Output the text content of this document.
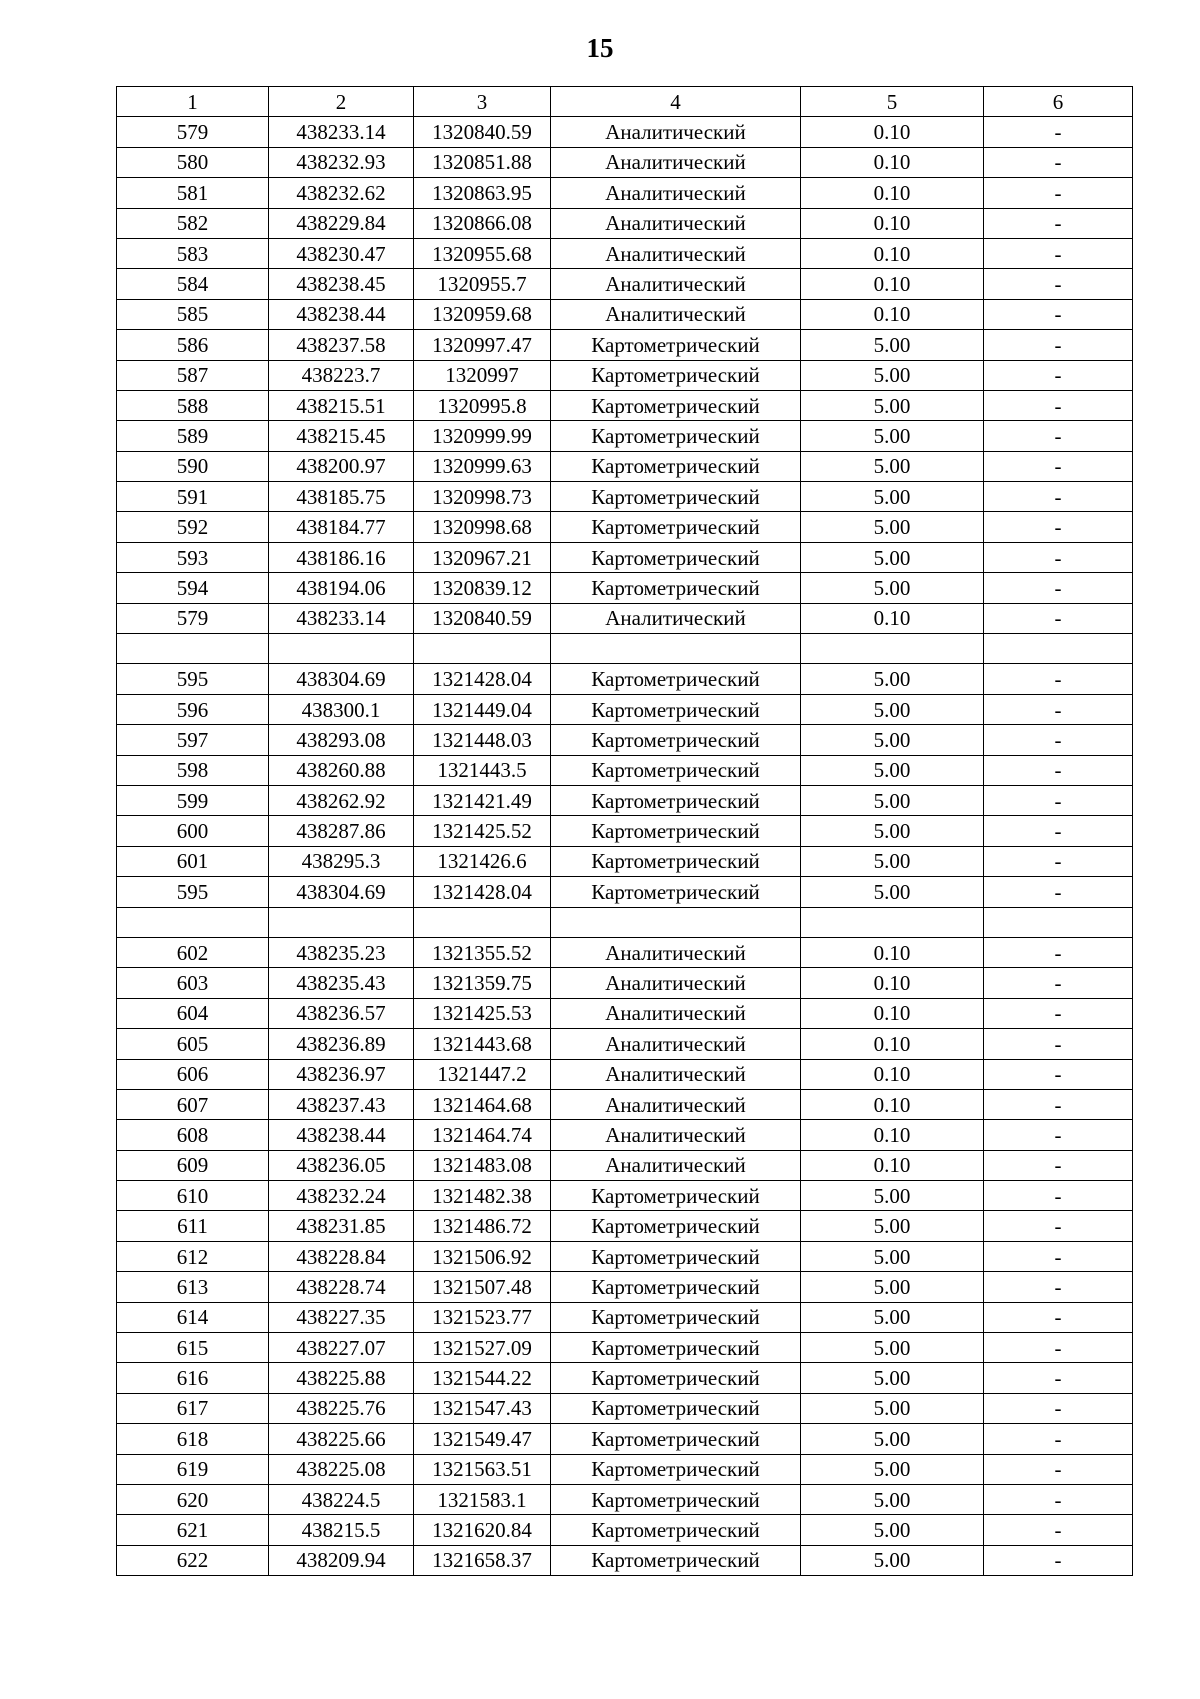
15
1	2	3	4	5	6
579	438233.14	1320840.59	Аналитический	0.10	-
580	438232.93	1320851.88	Аналитический	0.10	-
581	438232.62	1320863.95	Аналитический	0.10	-
582	438229.84	1320866.08	Аналитический	0.10	-
583	438230.47	1320955.68	Аналитический	0.10	-
584	438238.45	1320955.7	Аналитический	0.10	-
585	438238.44	1320959.68	Аналитический	0.10	-
586	438237.58	1320997.47	Картометрический	5.00	-
587	438223.7	1320997	Картометрический	5.00	-
588	438215.51	1320995.8	Картометрический	5.00	-
589	438215.45	1320999.99	Картометрический	5.00	-
590	438200.97	1320999.63	Картометрический	5.00	-
591	438185.75	1320998.73	Картометрический	5.00	-
592	438184.77	1320998.68	Картометрический	5.00	-
593	438186.16	1320967.21	Картометрический	5.00	-
594	438194.06	1320839.12	Картометрический	5.00	-
579	438233.14	1320840.59	Аналитический	0.10	-

595	438304.69	1321428.04	Картометрический	5.00	-
596	438300.1	1321449.04	Картометрический	5.00	-
597	438293.08	1321448.03	Картометрический	5.00	-
598	438260.88	1321443.5	Картометрический	5.00	-
599	438262.92	1321421.49	Картометрический	5.00	-
600	438287.86	1321425.52	Картометрический	5.00	-
601	438295.3	1321426.6	Картометрический	5.00	-
595	438304.69	1321428.04	Картометрический	5.00	-

602	438235.23	1321355.52	Аналитический	0.10	-
603	438235.43	1321359.75	Аналитический	0.10	-
604	438236.57	1321425.53	Аналитический	0.10	-
605	438236.89	1321443.68	Аналитический	0.10	-
606	438236.97	1321447.2	Аналитический	0.10	-
607	438237.43	1321464.68	Аналитический	0.10	-
608	438238.44	1321464.74	Аналитический	0.10	-
609	438236.05	1321483.08	Аналитический	0.10	-
610	438232.24	1321482.38	Картометрический	5.00	-
611	438231.85	1321486.72	Картометрический	5.00	-
612	438228.84	1321506.92	Картометрический	5.00	-
613	438228.74	1321507.48	Картометрический	5.00	-
614	438227.35	1321523.77	Картометрический	5.00	-
615	438227.07	1321527.09	Картометрический	5.00	-
616	438225.88	1321544.22	Картометрический	5.00	-
617	438225.76	1321547.43	Картометрический	5.00	-
618	438225.66	1321549.47	Картометрический	5.00	-
619	438225.08	1321563.51	Картометрический	5.00	-
620	438224.5	1321583.1	Картометрический	5.00	-
621	438215.5	1321620.84	Картометрический	5.00	-
622	438209.94	1321658.37	Картометрический	5.00	-
